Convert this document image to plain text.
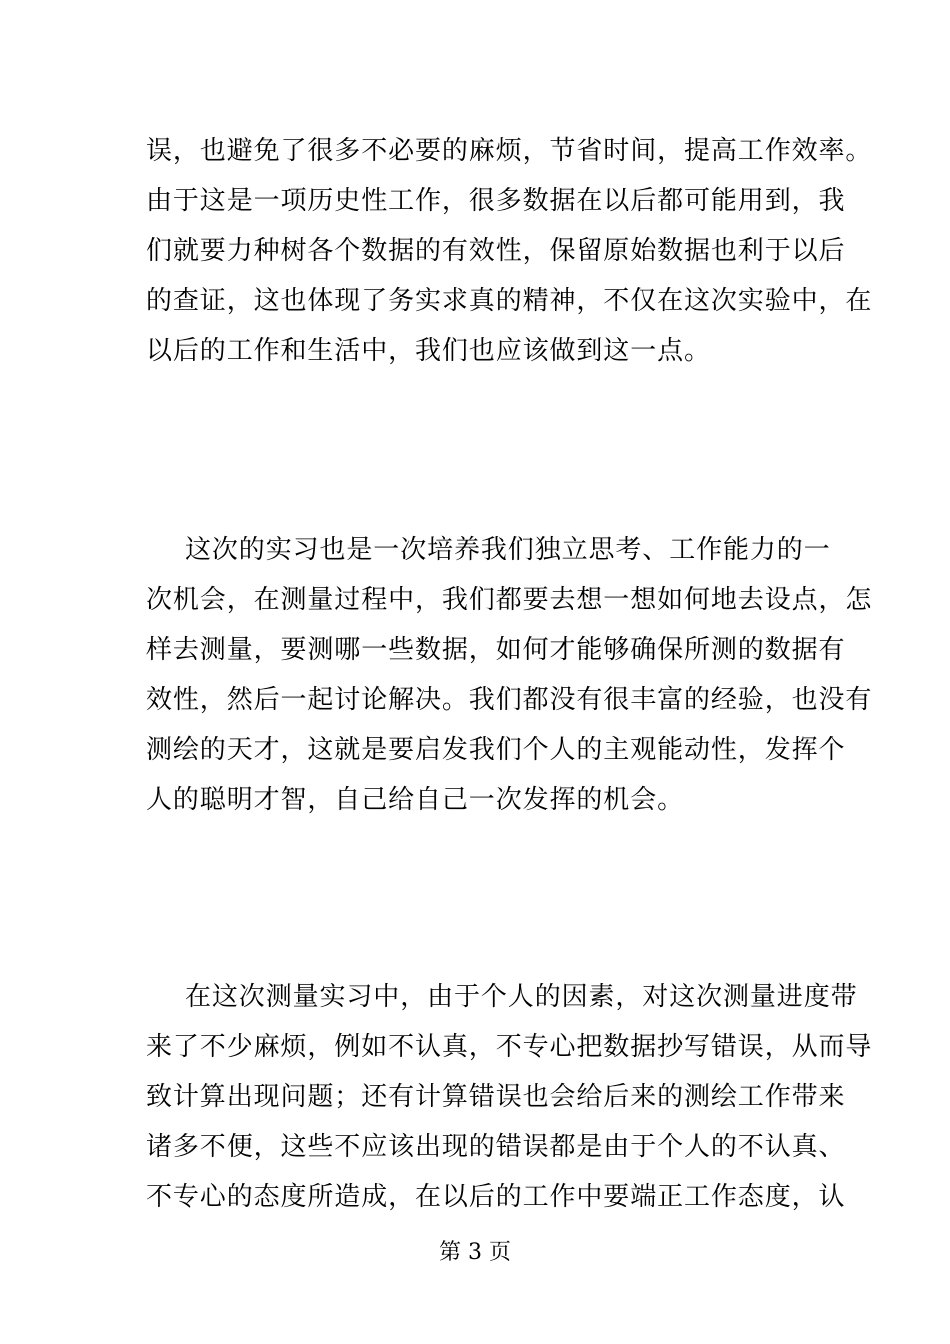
误，也避免了很多不必要的麻烦，节省时间，提高工作效率。
由于这是一项历史性工作，很多数据在以后都可能用到，我
们就要力种树各个数据的有效性，保留原始数据也利于以后
的查证，这也体现了务实求真的精神，不仅在这次实验中，在
以后的工作和生活中，我们也应该做到这一点。
这次的实习也是一次培养我们独立思考、工作能力的一
次机会，在测量过程中，我们都要去想一想如何地去设点，怎
样去测量，要测哪一些数据，如何才能够确保所测的数据有
效性，然后一起讨论解决。我们都没有很丰富的经验，也没有
测绘的天才，这就是要启发我们个人的主观能动性，发挥个
人的聪明才智，自己给自己一次发挥的机会。
在这次测量实习中，由于个人的因素，对这次测量进度带
来了不少麻烦，例如不认真，不专心把数据抄写错误，从而导
致计算出现问题；还有计算错误也会给后来的测绘工作带来
诸多不便，这些不应该出现的错误都是由于个人的不认真、
不专心的态度所造成，在以后的工作中要端正工作态度，认
第 3 页
